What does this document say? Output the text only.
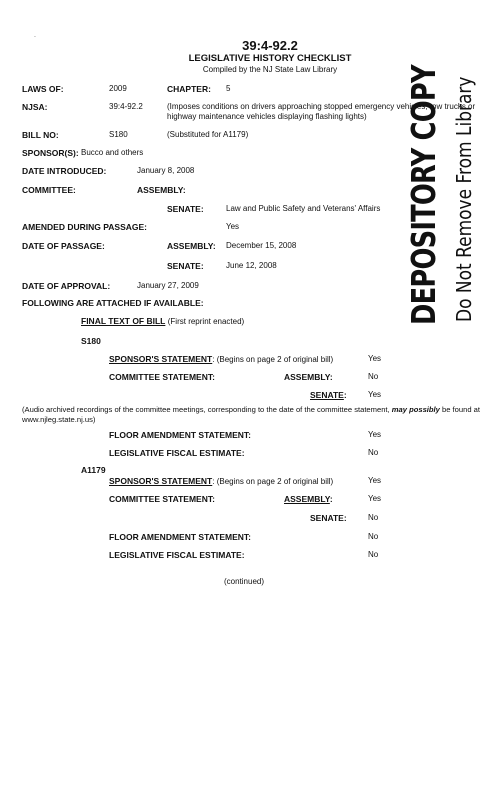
.
39:4-92.2
LEGISLATIVE HISTORY CHECKLIST
Compiled by the NJ State Law Library
LAWS OF:	2009	CHAPTER: 5
NJSA:	39:4-92.2	(Imposes conditions on drivers approaching stopped emergency vehicles, tow trucks or highway maintenance vehicles displaying flashing lights)
BILL NO:	S180	(Substituted for A1179)
SPONSOR(S): Bucco and others
DATE INTRODUCED:	January 8, 2008
COMMITTEE:	ASSEMBLY:
SENATE:	Law and Public Safety and Veterans' Affairs
AMENDED DURING PASSAGE:	Yes
DATE OF PASSAGE:	ASSEMBLY: December 15, 2008
SENATE:	June 12, 2008
DATE OF APPROVAL:	January 27, 2009
FOLLOWING ARE ATTACHED IF AVAILABLE:
FINAL TEXT OF BILL (First reprint enacted)
S180
SPONSOR'S STATEMENT: (Begins on page 2 of original bill)	Yes
COMMITTEE STATEMENT:	ASSEMBLY:	No
SENATE:	Yes
(Audio archived recordings of the committee meetings, corresponding to the date of the committee statement, may possibly be found at www.njleg.state.nj.us)
FLOOR AMENDMENT STATEMENT:	Yes
LEGISLATIVE FISCAL ESTIMATE:	No
A1179
SPONSOR'S STATEMENT: (Begins on page 2 of original bill)	Yes
COMMITTEE STATEMENT:	ASSEMBLY:	Yes
SENATE:	No
FLOOR AMENDMENT STATEMENT:	No
LEGISLATIVE FISCAL ESTIMATE:	No
(continued)
DEPOSITORY COPY Do Not Remove From Library
